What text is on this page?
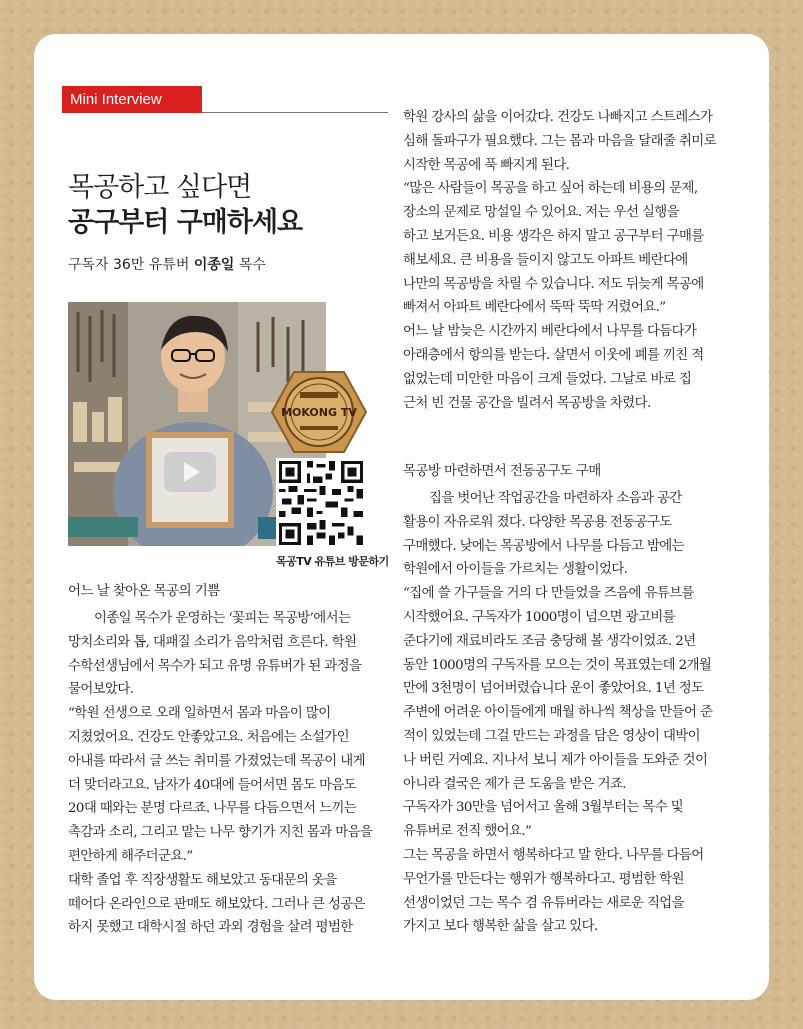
Mini Interview
목공하고 싶다면
공구부터 구매하세요
구독자 36만 유튜버 이종일 목수
MOKONG TV
목공TV 유튜브 방문하기
어느 날 찾아온 목공의 기쁨

이종일 목수가 운영하는 ‘꽃피는 목공방’에서는

망치소리와 톱, 대패질 소리가 음악처럼 흐른다. 학원

수학선생님에서 목수가 되고 유명 유튜버가 된 과정을

물어보았다.

“학원 선생으로 오래 일하면서 몸과 마음이 많이

지쳤었어요. 건강도 안좋았고요. 처음에는 소설가인

아내를 따라서 글 쓰는 취미를 가졌었는데 목공이 내게

더 맞더라고요. 남자가 40대에 들어서면 몸도 마음도

20대 때와는 분명 다르죠. 나무를 다듬으면서 느끼는

촉감과 소리, 그리고 맡는 나무 향기가 지친 몸과 마음을

편안하게 해주더군요.”

대학 졸업 후 직장생활도 해보았고 동대문의 옷을

떼어다 온라인으로 판매도 해보았다. 그러나 큰 성공은

하지 못했고 대학시절 하던 과외 경험을 살려 평범한

학원 강사의 삶을 이어갔다. 건강도 나빠지고 스트레스가

심해 돌파구가 필요했다. 그는 몸과 마음을 달래줄 취미로

시작한 목공에 푹 빠지게 된다.

“많은 사람들이 목공을 하고 싶어 하는데 비용의 문제,

장소의 문제로 망설일 수 있어요. 저는 우선 실행을

하고 보거든요. 비용 생각은 하지 말고 공구부터 구매를

해보세요. 큰 비용을 들이지 않고도 아파트 베란다에

나만의 목공방을 차릴 수 있습니다. 저도 뒤늦게 목공에

빠져서 아파트 베란다에서 뚝딱 뚝딱 거렸어요.”

어느 날 밤늦은 시간까지 베란다에서 나무를 다듬다가

아래층에서 항의를 받는다. 살면서 이웃에 폐를 끼친 적

없었는데 미안한 마음이 크게 들었다. 그날로 바로 집

근처 빈 건물 공간을 빌려서 목공방을 차렸다.

목공방 마련하면서 전동공구도 구매

집을 벗어난 작업공간을 마련하자 소음과 공간

활용이 자유로워 졌다. 다양한 목공용 전동공구도

구매했다. 낮에는 목공방에서 나무를 다듬고 밤에는

학원에서 아이들을 가르치는 생활이었다.

“집에 쓸 가구들을 거의 다 만들었을 즈음에 유튜브를

시작했어요. 구독자가 1000명이 넘으면 광고비를

준다기에 재료비라도 조금 충당해 볼 생각이었죠. 2년

동안 1000명의 구독자를 모으는 것이 목표였는데 2개월

만에 3천명이 넘어버렸습니다 운이 좋았어요. 1년 정도

주변에 어려운 아이들에게 매월 하나씩 책상을 만들어 준

적이 있었는데 그걸 만드는 과정을 담은 영상이 대박이

나 버린 거예요. 지나서 보니 제가 아이들을 도와준 것이

아니라 결국은 제가 큰 도움을 받은 거죠.

구독자가 30만을 넘어서고 올해 3월부터는 목수 및

유튜버로 전직 했어요.”

그는 목공을 하면서 행복하다고 말 한다. 나무를 다듬어

무언가를 만든다는 행위가 행복하다고. 평범한 학원

선생이었던 그는 목수 겸 유튜버라는 새로운 직업을

가지고 보다 행복한 삶을 살고 있다.
